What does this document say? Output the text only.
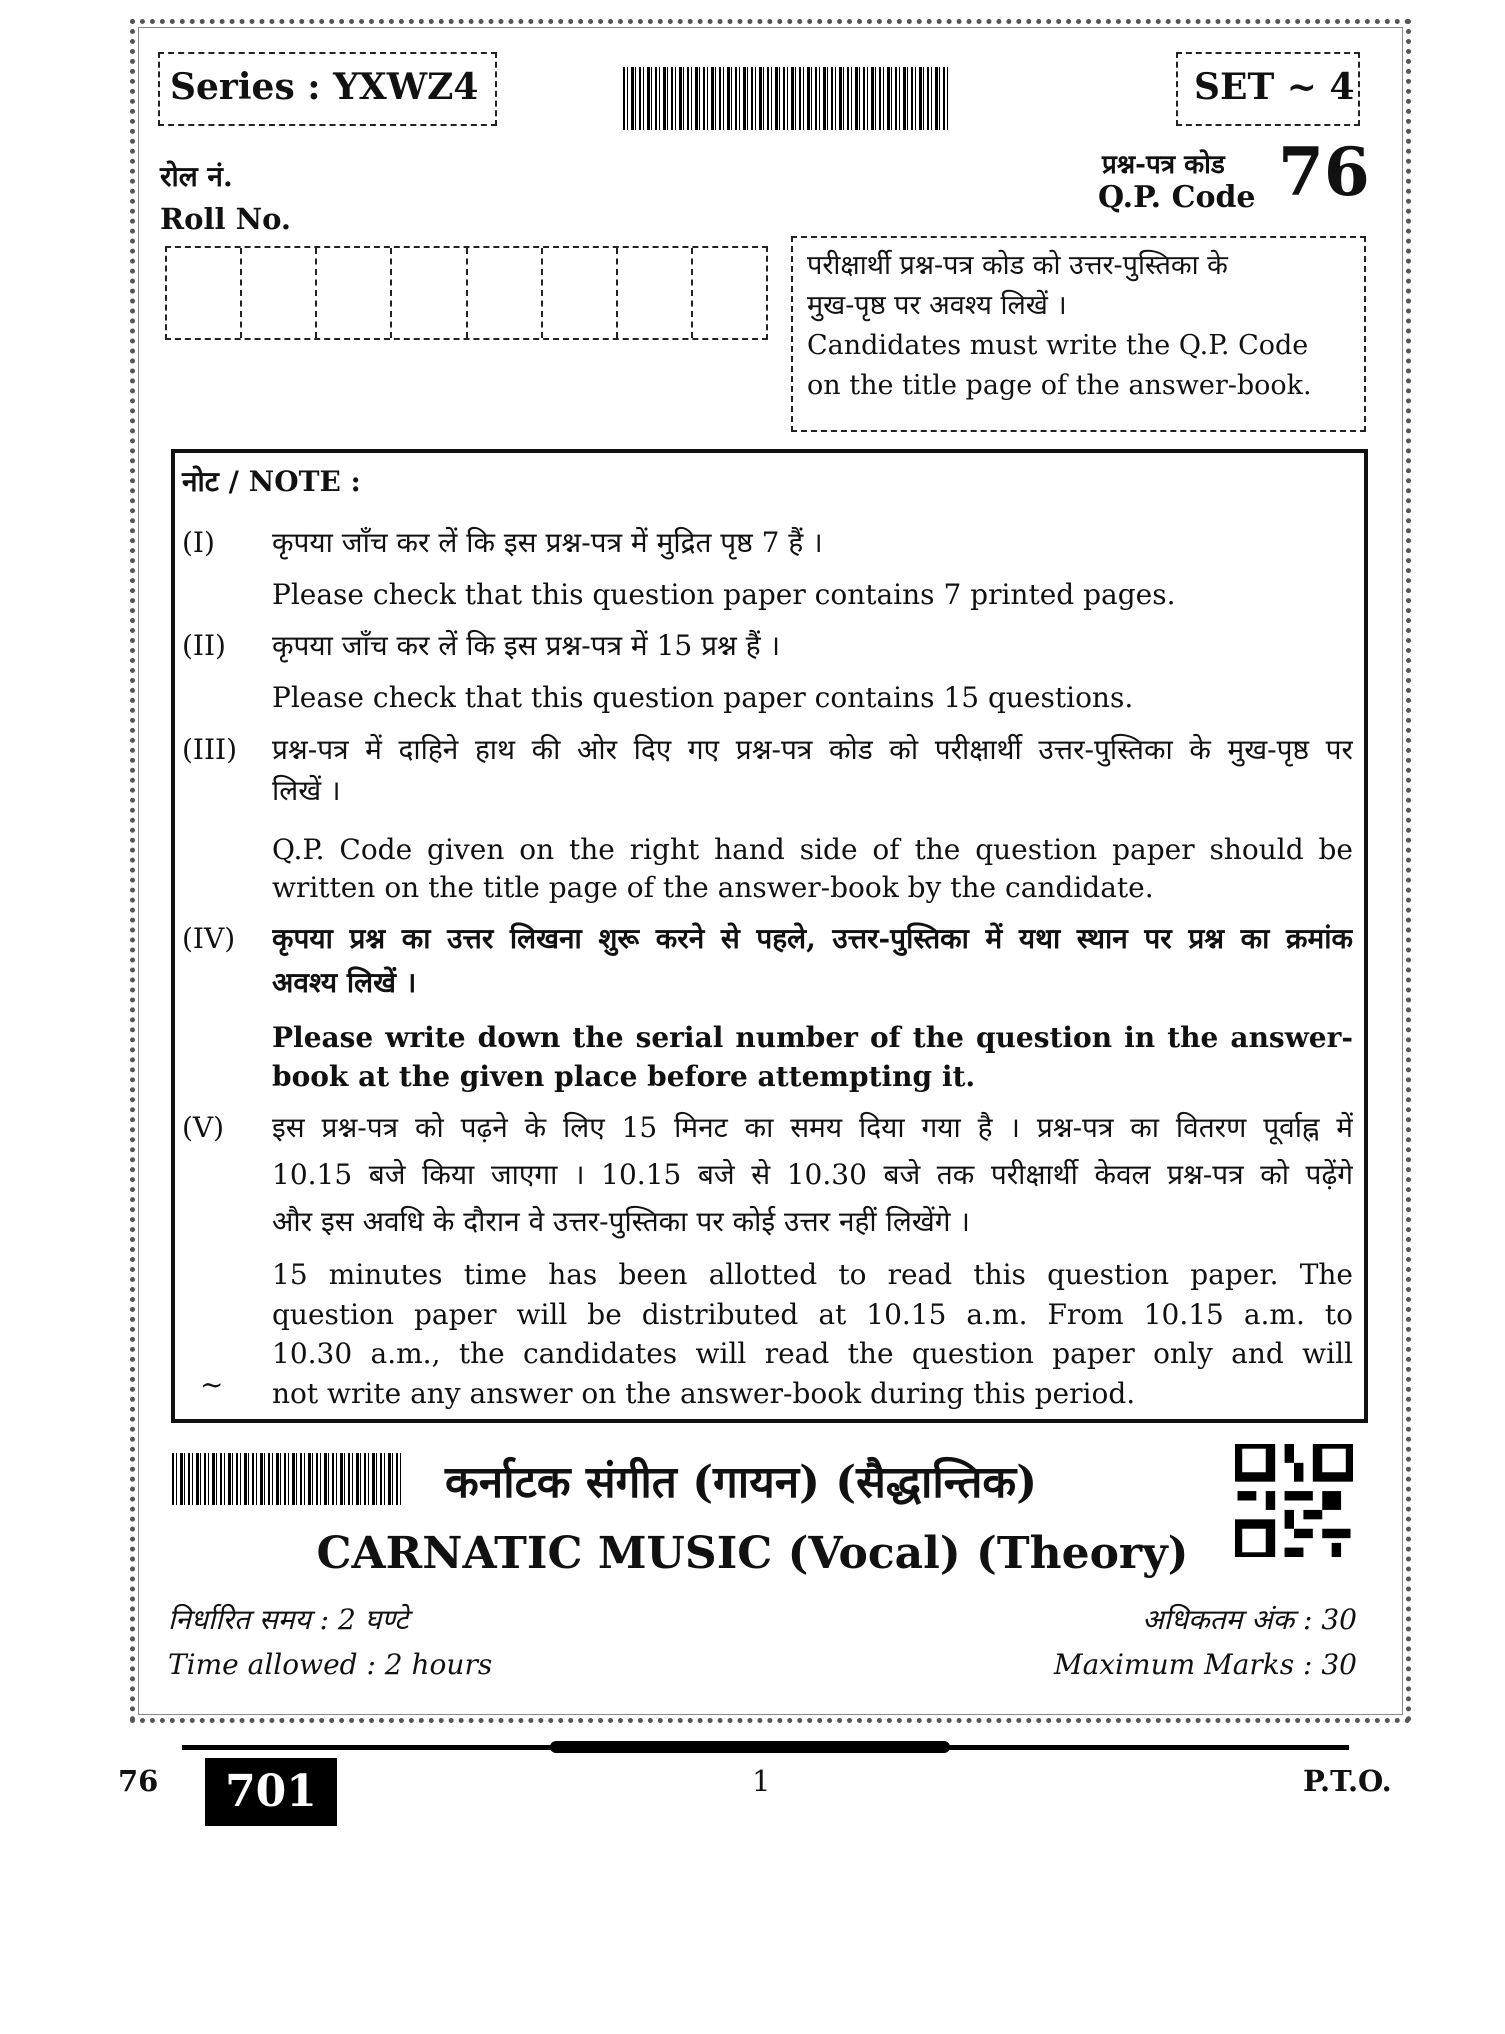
Series : YXWZ4	SET ~ 4
रोल नं.
Roll No.
प्रश्न-पत्र कोड
Q.P. Code 76
परीक्षार्थी प्रश्न-पत्र कोड को उत्तर-पुस्तिका के
मुख-पृष्ठ पर अवश्य लिखें ।
Candidates must write the Q.P. Code
on the title page of the answer-book.
नोट / NOTE :
(I) कृपया जाँच कर लें कि इस प्रश्न-पत्र में मुद्रित पृष्ठ 7 हैं ।
Please check that this question paper contains 7 printed pages.
(II) कृपया जाँच कर लें कि इस प्रश्न-पत्र में 15 प्रश्न हैं ।
Please check that this question paper contains 15 questions.
(III) प्रश्न-पत्र में दाहिने हाथ की ओर दिए गए प्रश्न-पत्र कोड को परीक्षार्थी उत्तर-पुस्तिका के मुख-पृष्ठ पर
लिखें ।
Q.P. Code given on the right hand side of the question paper should be
written on the title page of the answer-book by the candidate.
(IV) कृपया प्रश्न का उत्तर लिखना शुरू करने से पहले, उत्तर-पुस्तिका में यथा स्थान पर प्रश्न का क्रमांक
अवश्य लिखें ।
Please write down the serial number of the question in the answer-
book at the given place before attempting it.
(V) इस प्रश्न-पत्र को पढ़ने के लिए 15 मिनट का समय दिया गया है । प्रश्न-पत्र का वितरण पूर्वाह्न में
10.15 बजे किया जाएगा । 10.15 बजे से 10.30 बजे तक परीक्षार्थी केवल प्रश्न-पत्र को पढ़ेंगे
और इस अवधि के दौरान वे उत्तर-पुस्तिका पर कोई उत्तर नहीं लिखेंगे ।
15 minutes time has been allotted to read this question paper. The
question paper will be distributed at 10.15 a.m. From 10.15 a.m. to
10.30 a.m., the candidates will read the question paper only and will
not write any answer on the answer-book during this period.
~
कर्नाटक संगीत (गायन) (सैद्धान्तिक)
CARNATIC MUSIC (Vocal) (Theory)
निर्धारित समय : 2 घण्टे
Time allowed : 2 hours
अधिकतम अंक : 30
Maximum Marks : 30
76	701	1	P.T.O.
